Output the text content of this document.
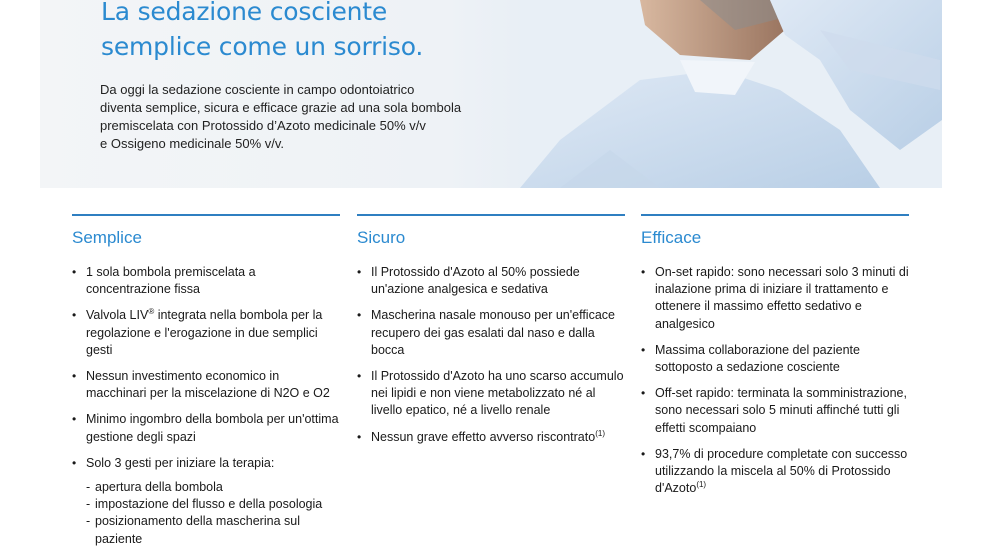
La sedazione cosciente
semplice come un sorriso.
Da oggi la sedazione cosciente in campo odontoiatrico
diventa semplice, sicura e efficace grazie ad una sola bombola
premiscelata con Protossido d’Azoto medicinale 50% v/v
e Ossigeno medicinale 50% v/v.
Semplice
• 1 sola bombola premiscelata a concentrazione fissa
• Valvola LIV® integrata nella bombola per la regolazione e l'erogazione in due semplici gesti
• Nessun investimento economico in macchinari per la miscelazione di N2O e O2
• Minimo ingombro della bombola per un'ottima gestione degli spazi
• Solo 3 gesti per iniziare la terapia:
- apertura della bombola
- impostazione del flusso e della posologia
- posizionamento della mascherina sul paziente
Sicuro
• Il Protossido d'Azoto al 50% possiede un'azione analgesica e sedativa
• Mascherina nasale monouso per un'efficace recupero dei gas esalati dal naso e dalla bocca
• Il Protossido d'Azoto ha uno scarso accumulo nei lipidi e non viene metabolizzato né al livello epatico, né a livello renale
• Nessun grave effetto avverso riscontrato$^{(1)}$
Efficace
• On-set rapido: sono necessari solo 3 minuti di inalazione prima di iniziare il trattamento e ottenere il massimo effetto sedativo e analgesico
• Massima collaborazione del paziente sottoposto a sedazione cosciente
• Off-set rapido: terminata la somministrazione, sono necessari solo 5 minuti affinché tutti gli effetti scompaiano
• 93,7% di procedure completate con successo utilizzando la miscela al 50% di Protossido d'Azoto$^{(1)}$
